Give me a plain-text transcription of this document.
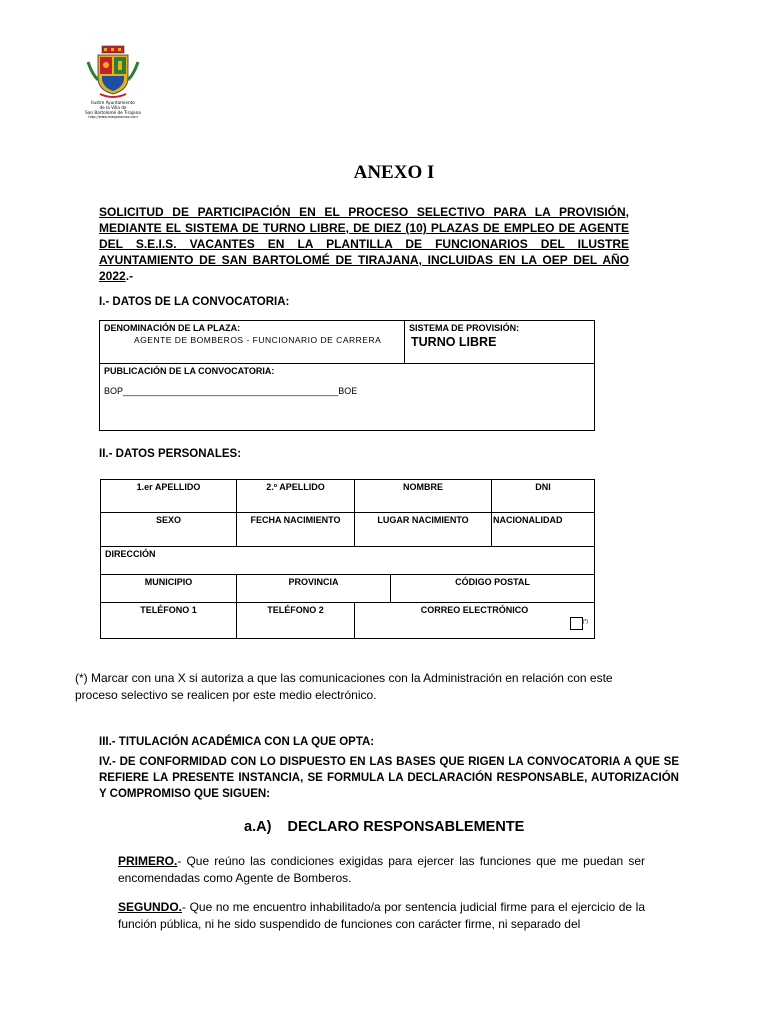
Ilustre Ayuntamiento
de la Villa de
San Bartolomé de Tirajana
http://www.maspalomas.com
ANEXO I
SOLICITUD DE PARTICIPACIÓN EN EL PROCESO SELECTIVO PARA LA PROVISIÓN, MEDIANTE EL SISTEMA DE TURNO LIBRE, DE DIEZ (10) PLAZAS DE EMPLEO DE AGENTE DEL S.E.I.S. VACANTES EN LA PLANTILLA DE FUNCIONARIOS DEL ILUSTRE AYUNTAMIENTO DE SAN BARTOLOMÉ DE TIRAJANA, INCLUIDAS EN LA OEP DEL AÑO 2022.-
I.- DATOS DE LA CONVOCATORIA:
DENOMINACIÓN DE LA PLAZA:
AGENTE DE BOMBEROS - FUNCIONARIO DE CARRERA

SISTEMA DE PROVISIÓN:
TURNO LIBRE

PUBLICACIÓN DE LA CONVOCATORIA:
BOP___________________________________________BOE
II.- DATOS PERSONALES:
1.er APELLIDO	2.º APELLIDO	NOMBRE		DNI

SEXO	FECHA NACIMIENTO	LUGAR NACIMIENTO		NACIONALIDAD

DIRECCIÓN				

MUNICIPIO	PROVINCIA		CÓDIGO POSTAL	

TELÉFONO 1	TELÉFONO 2	CORREO ELECTRÓNICO
(*)
(*) Marcar con una X si autoriza a que las comunicaciones con la Administración en relación con este proceso selectivo se realicen por este medio electrónico.
III.- TITULACIÓN ACADÉMICA CON LA QUE OPTA:
IV.- DE CONFORMIDAD CON LO DISPUESTO EN LAS BASES QUE RIGEN LA CONVOCATORIA A QUE SE REFIERE LA PRESENTE INSTANCIA, SE FORMULA LA DECLARACIÓN RESPONSABLE, AUTORIZACIÓN Y COMPROMISO QUE SIGUEN:
a.A)    DECLARO RESPONSABLEMENTE
PRIMERO.- Que reúno las condiciones exigidas para ejercer las funciones que me puedan ser encomendadas como Agente de Bomberos.
SEGUNDO.- Que no me encuentro inhabilitado/a por sentencia judicial firme para el ejercicio de la función pública, ni he sido suspendido de funciones con carácter firme, ni separado del
